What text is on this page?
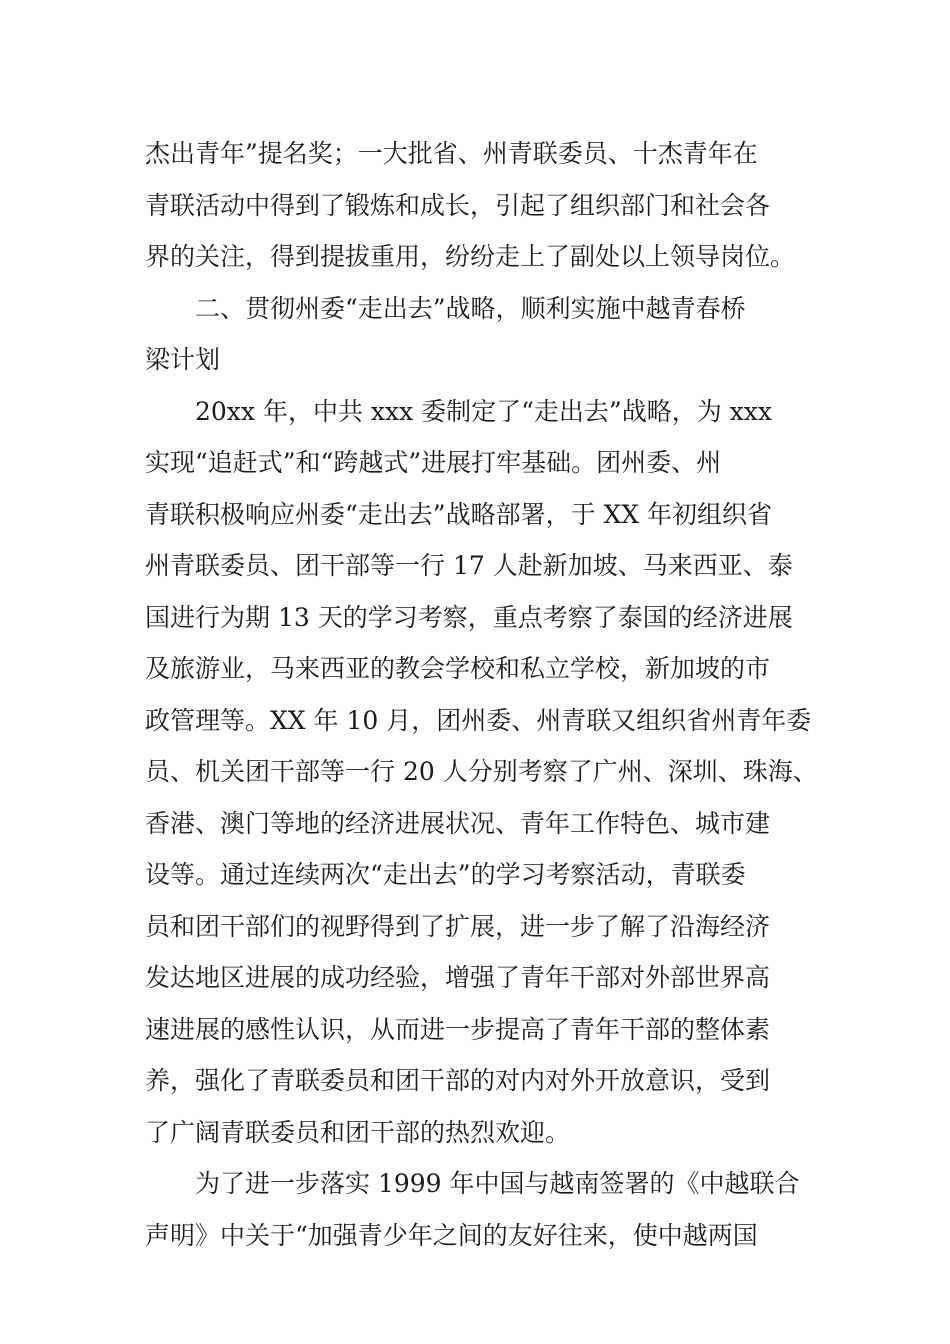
杰出青年”提名奖；一大批省、州青联委员、十杰青年在
青联活动中得到了锻炼和成长，引起了组织部门和社会各
界的关注，得到提拔重用，纷纷走上了副处以上领导岗位。
二、贯彻州委“走出去”战略，顺利实施中越青春桥
梁计划
20xx 年，中共 xxx 委制定了“走出去”战略，为 xxx
实现“追赶式”和“跨越式”进展打牢基础。团州委、州
青联积极响应州委“走出去”战略部署，于 XX 年初组织省
州青联委员、团干部等一行 17 人赴新加坡、马来西亚、泰
国进行为期 13 天的学习考察，重点考察了泰国的经济进展
及旅游业，马来西亚的教会学校和私立学校，新加坡的市
政管理等。XX 年 10 月，团州委、州青联又组织省州青年委
员、机关团干部等一行 20 人分别考察了广州、深圳、珠海、
香港、澳门等地的经济进展状况、青年工作特色、城市建
设等。通过连续两次“走出去”的学习考察活动，青联委
员和团干部们的视野得到了扩展，进一步了解了沿海经济
发达地区进展的成功经验，增强了青年干部对外部世界高
速进展的感性认识，从而进一步提高了青年干部的整体素
养，强化了青联委员和团干部的对内对外开放意识，受到
了广阔青联委员和团干部的热烈欢迎。
为了进一步落实 1999 年中国与越南签署的《中越联合
声明》中关于“加强青少年之间的友好往来，使中越两国
